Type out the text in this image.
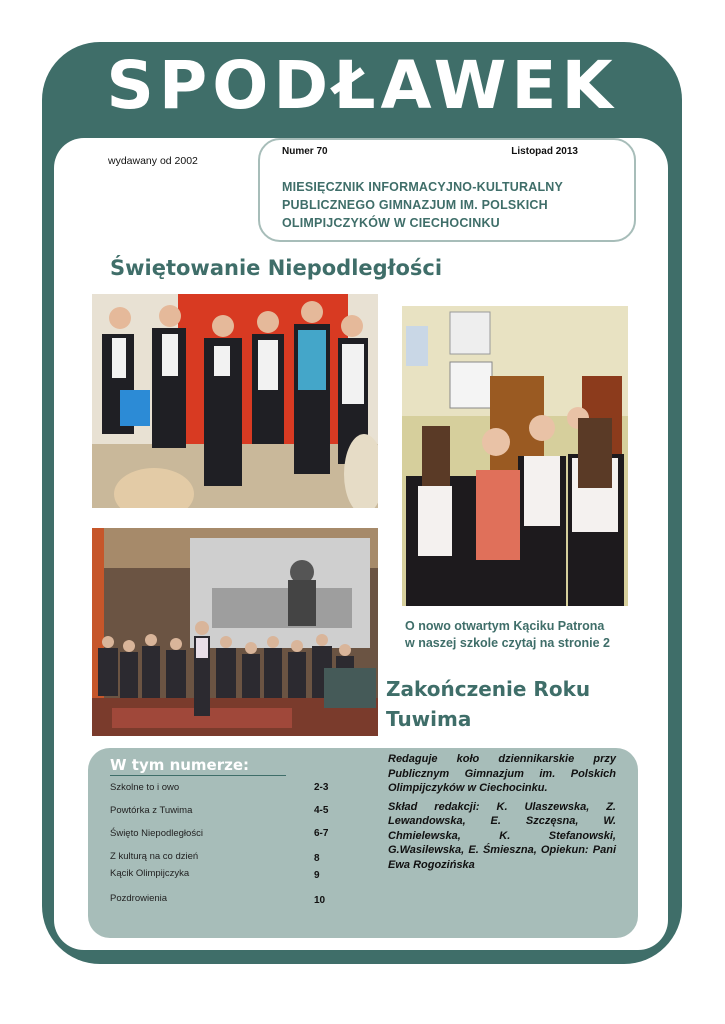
SPODŁAWEK
wydawany od 2002
Numer 70	Listopad 2013
MIESIĘCZNIK INFORMACYJNO-KULTURALNY
PUBLICZNEGO GIMNAZJUM IM. POLSKICH
OLIMPIJCZYKÓW W CIECHOCINKU
Świętowanie Niepodległości
O nowo otwartym Kąciku Patrona
w naszej szkole czytaj na stronie 2
Zakończenie Roku
Tuwima
W tym numerze:
Szkolne to i owo	2-3
Powtórka z Tuwima	4-5
Święto Niepodległości	6-7
Z kulturą na co dzień	8
Kącik Olimpijczyka	9
Pozdrowienia	10

Redaguje koło dziennikarskie przy Publicznym Gimnazjum im. Polskich Olimpijczyków w Ciechocinku.

Skład redakcji: K. Ulaszewska, Z. Lewandowska, E. Szczęsna, W. Chmielewska, K. Stefanowski, G.Wasilewska, E. Śmieszna, Opiekun: Pani Ewa Rogozińska
